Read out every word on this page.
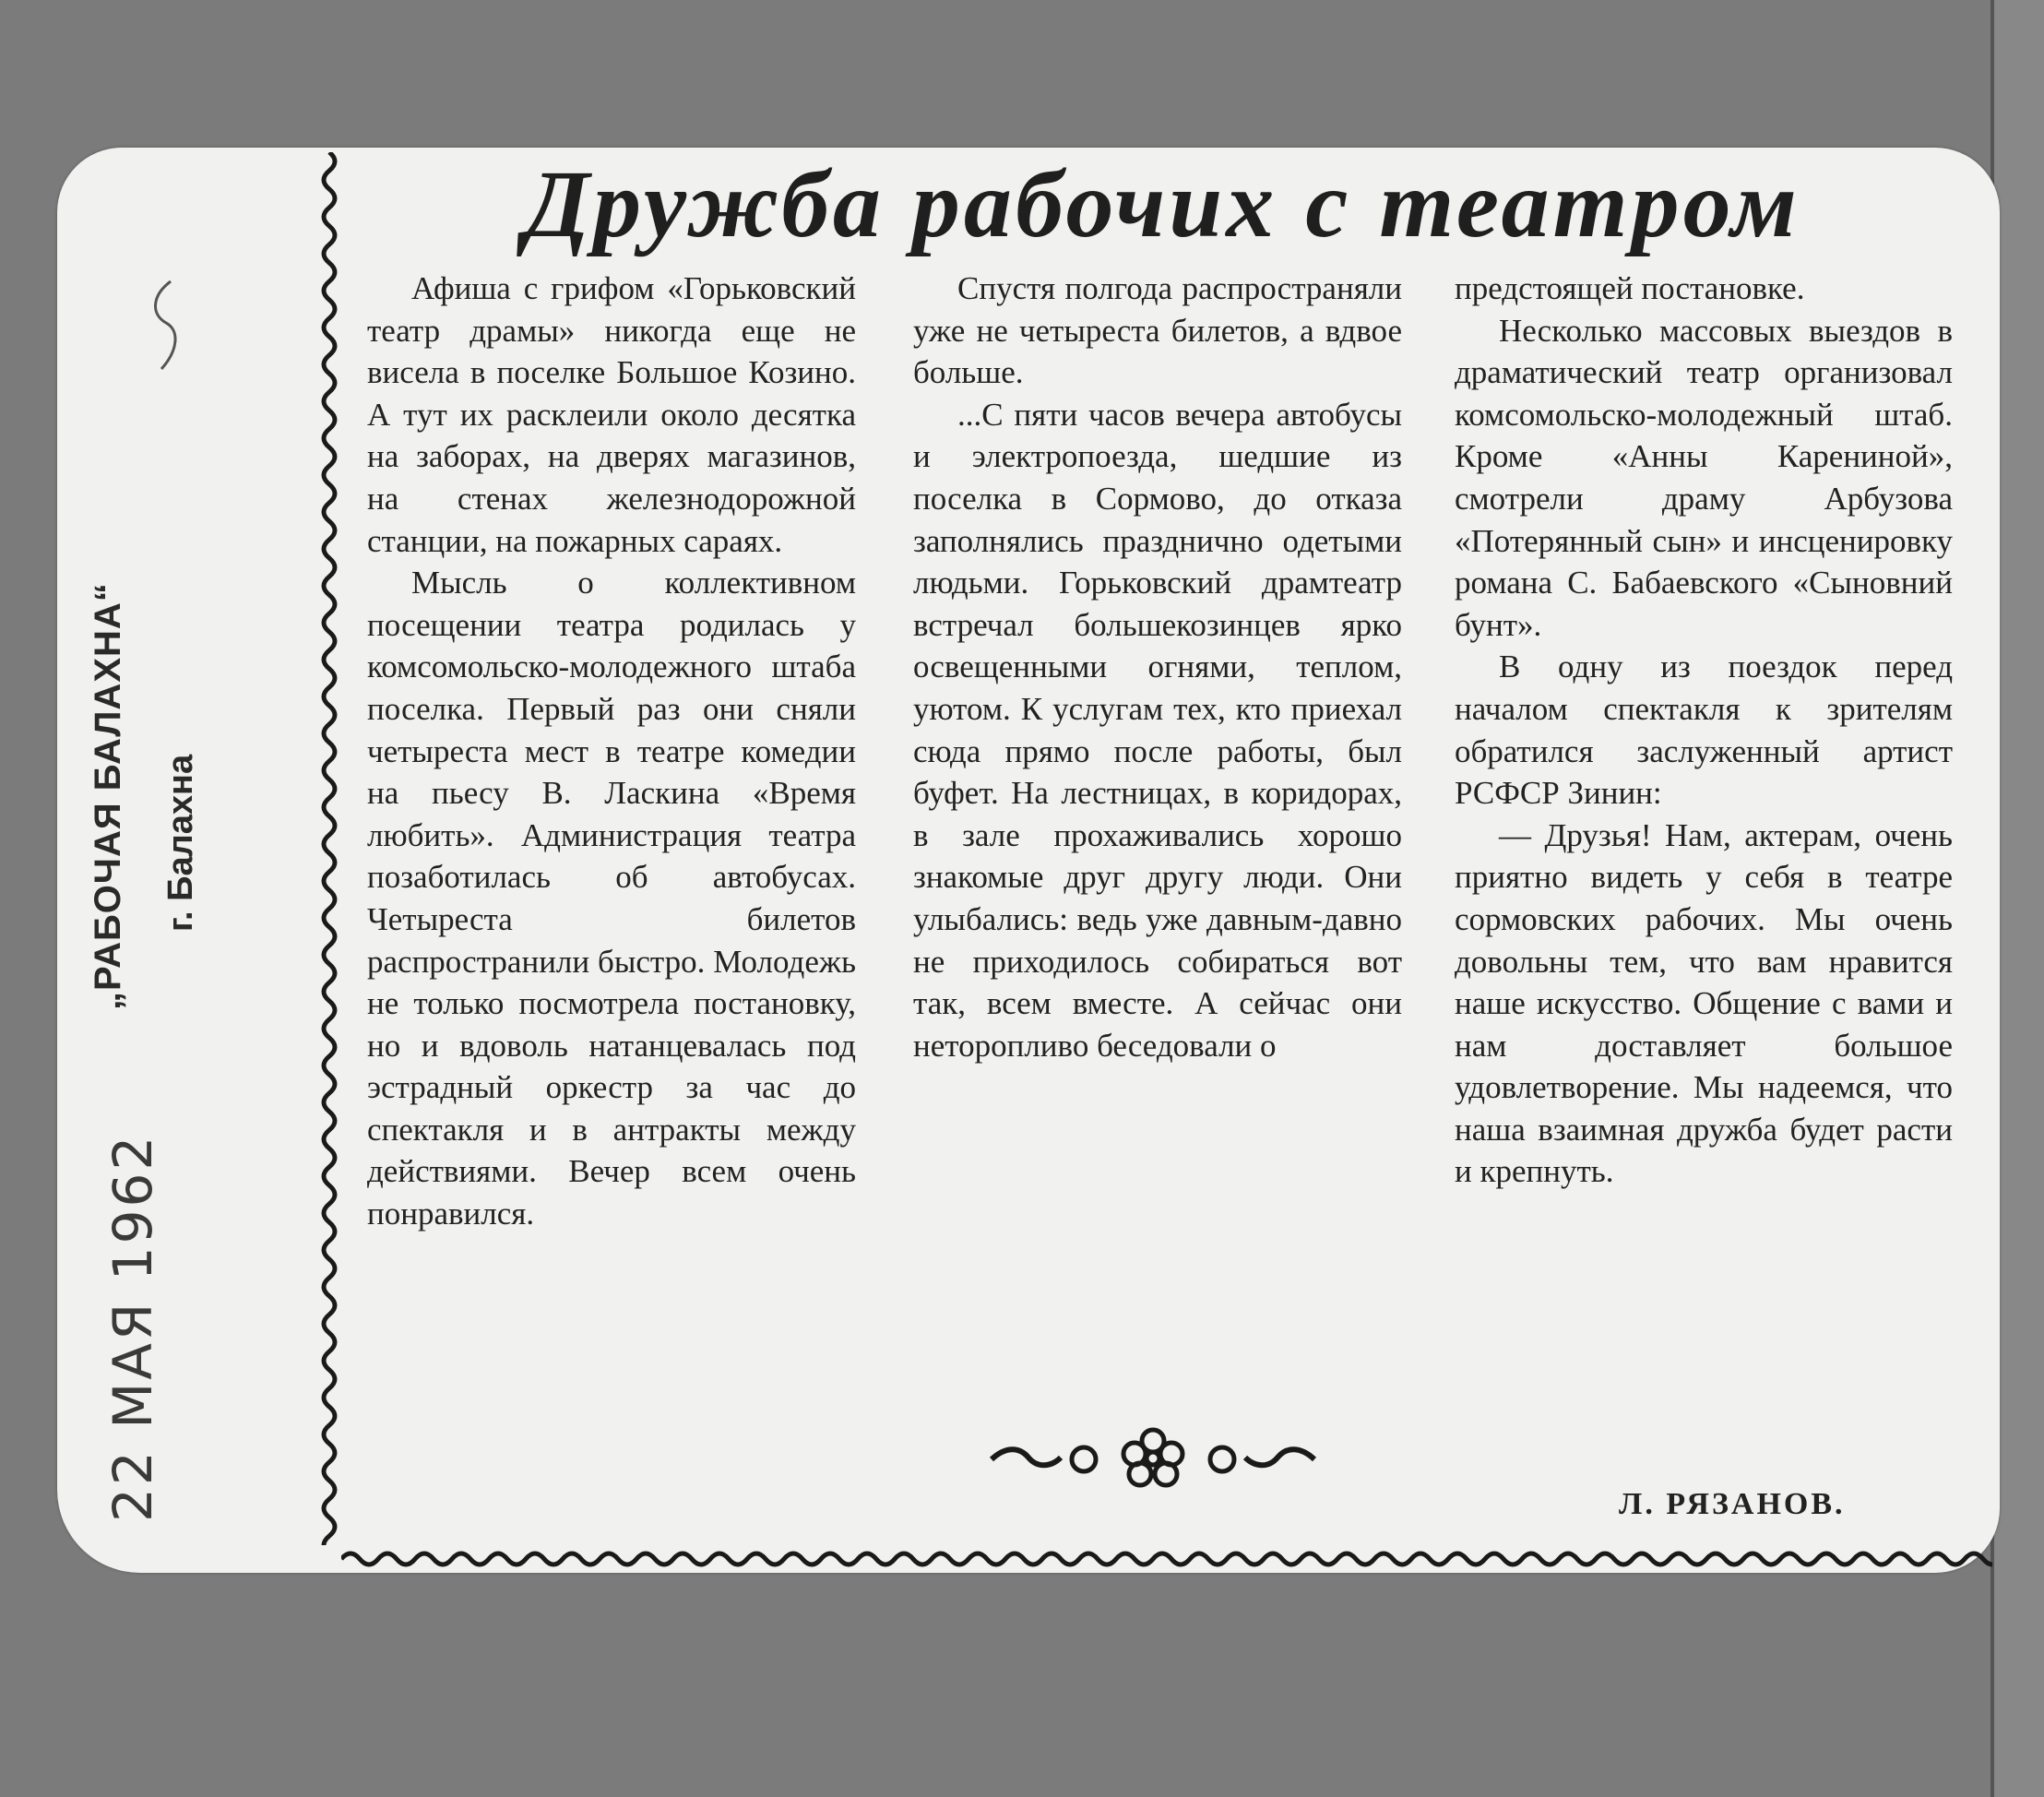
„РАБОЧАЯ БАЛАХНА“ г. Балахна
22 МАЯ 1962
Дружба рабочих с театром

Афиша с грифом «Горьковский театр драмы» никогда еще не висела в поселке Большое Козино. А тут их расклеили около десятка на заборах, на дверях магазинов, на стенах железнодорожной станции, на пожарных сараях.

Мысль о коллективном посещении театра родилась у комсомольско-молодежного штаба поселка. Первый раз они сняли четыреста мест в театре комедии на пьесу В. Ласкина «Время любить». Администрация театра позаботилась об автобусах. Четыреста билетов распространили быстро. Молодежь не только посмотрела постановку, но и вдоволь натанцевалась под эстрадный оркестр за час до спектакля и в антракты между действиями. Вечер всем очень понравился.

Спустя полгода распространяли уже не четыреста билетов, а вдвое больше.

...С пяти часов вечера автобусы и электропоезда, шедшие из поселка в Сормово, до отказа заполнялись празднично одетыми людьми. Горьковский драмтеатр встречал большекозинцев ярко освещенными огнями, теплом, уютом. К услугам тех, кто приехал сюда прямо после работы, был буфет. На лестницах, в коридорах, в зале прохаживались хорошо знакомые друг другу люди. Они улыбались: ведь уже давным-давно не приходилось собираться вот так, всем вместе. А сейчас они неторопливо беседовали о

предстоящей постановке.

Несколько массовых выездов в драматический театр организовал комсомольско-молодежный штаб. Кроме «Анны Карениной», смотрели драму Арбузова «Потерянный сын» и инсценировку романа С. Бабаевского «Сыновний бунт».

В одну из поездок перед началом спектакля к зрителям обратился заслуженный артист РСФСР Зинин:

— Друзья! Нам, актерам, очень приятно видеть у себя в театре сормовских рабочих. Мы очень довольны тем, что вам нравится наше искусство. Общение с вами и нам доставляет большое удовлетворение. Мы надеемся, что наша взаимная дружба будет расти и крепнуть.

Л. РЯЗАНОВ.
